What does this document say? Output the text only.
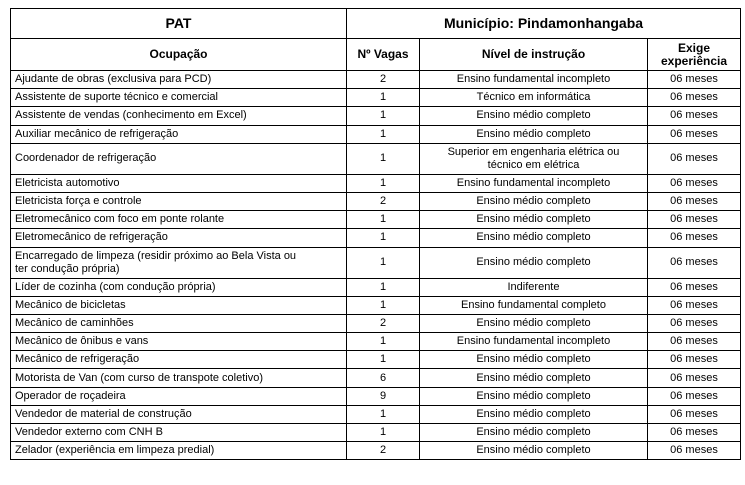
PAT	Município: Pindamonhangaba		
Ocupação	Nº Vagas	Nível de instrução	Exige
experiência
Ajudante de obras (exclusiva para PCD)	2	Ensino fundamental incompleto	06 meses
Assistente de suporte técnico e comercial	1	Técnico em informática	06 meses
Assistente de vendas (conhecimento em Excel)	1	Ensino médio completo	06 meses
Auxiliar mecânico de refrigeração	1	Ensino médio completo	06 meses
Coordenador de refrigeração	1	Superior em engenharia elétrica ou
técnico em elétrica	06 meses
Eletricista automotivo	1	Ensino fundamental incompleto	06 meses
Eletricista força e controle	2	Ensino médio completo	06 meses
Eletromecânico com foco em ponte rolante	1	Ensino médio completo	06 meses
Eletromecânico de refrigeração	1	Ensino médio completo	06 meses
Encarregado de limpeza (residir próximo ao Bela Vista ou
ter condução própria)	1	Ensino médio completo	06 meses
Líder de cozinha (com condução própria)	1	Indiferente	06 meses
Mecânico de bicicletas	1	Ensino fundamental completo	06 meses
Mecânico de caminhões	2	Ensino médio completo	06 meses
Mecânico de ônibus e vans	1	Ensino fundamental incompleto	06 meses
Mecânico de refrigeração	1	Ensino médio completo	06 meses
Motorista de Van (com curso de transpote coletivo)	6	Ensino médio completo	06 meses
Operador de roçadeira	9	Ensino médio completo	06 meses
Vendedor de material de construção	1	Ensino médio completo	06 meses
Vendedor externo com CNH B	1	Ensino médio completo	06 meses
Zelador (experiência em limpeza predial)	2	Ensino médio completo	06 meses
